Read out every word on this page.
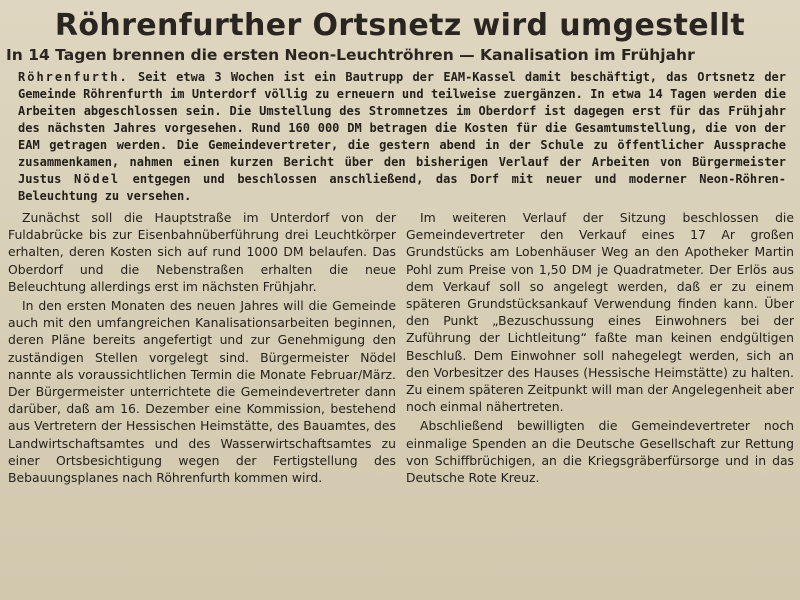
Röhrenfurther Ortsnetz wird umgestellt
In 14 Tagen brennen die ersten Neon-Leuchtröhren — Kanalisation im Frühjahr
Röhrenfurth. Seit etwa 3 Wochen ist ein Bautrupp der EAM-Kassel damit beschäftigt, das Ortsnetz der Gemeinde Röhrenfurth im Unterdorf völlig zu erneuern und teilweise zuergänzen. In etwa 14 Tagen werden die Arbeiten abgeschlossen sein. Die Umstellung des Stromnetzes im Oberdorf ist dagegen erst für das Frühjahr des nächsten Jahres vorgesehen. Rund 160 000 DM betragen die Kosten für die Gesamtumstellung, die von der EAM getragen werden. Die Gemeindevertreter, die gestern abend in der Schule zu öffentlicher Aussprache zusammenkamen, nahmen einen kurzen Bericht über den bisherigen Verlauf der Arbeiten von Bürgermeister Justus Nödel entgegen und beschlossen anschließend, das Dorf mit neuer und moderner Neon-Röhren-Beleuchtung zu versehen.

Zunächst soll die Hauptstraße im Unterdorf von der Fuldabrücke bis zur Eisenbahnüberführung drei Leuchtkörper erhalten, deren Kosten sich auf rund 1000 DM belaufen. Das Oberdorf und die Nebenstraßen erhalten die neue Beleuchtung allerdings erst im nächsten Frühjahr.

In den ersten Monaten des neuen Jahres will die Gemeinde auch mit den umfangreichen Kanalisationsarbeiten beginnen, deren Pläne bereits angefertigt und zur Genehmigung den zuständigen Stellen vorgelegt sind. Bürgermeister Nödel nannte als voraussichtlichen Termin die Monate Februar/März. Der Bürgermeister unterrichtete die Gemeindevertreter dann darüber, daß am 16. Dezember eine Kommission, bestehend aus Vertretern der Hessischen Heimstätte, des Bauamtes, des Landwirtschaftsamtes und des Wasserwirtschaftsamtes zu einer Ortsbesichtigung wegen der Fertigstellung des Bebauungsplanes nach Röhrenfurth kommen wird.

Im weiteren Verlauf der Sitzung beschlossen die Gemeindevertreter den Verkauf eines 17 Ar großen Grundstücks am Lobenhäuser Weg an den Apotheker Martin Pohl zum Preise von 1,50 DM je Quadratmeter. Der Erlös aus dem Verkauf soll so angelegt werden, daß er zu einem späteren Grundstücksankauf Verwendung finden kann. Über den Punkt „Bezuschussung eines Einwohners bei der Zuführung der Lichtleitung“ faßte man keinen endgültigen Beschluß. Dem Einwohner soll nahegelegt werden, sich an den Vorbesitzer des Hauses (Hessische Heimstätte) zu halten. Zu einem späteren Zeitpunkt will man der Angelegenheit aber noch einmal nähertreten.

Abschließend bewilligten die Gemeindevertreter noch einmalige Spenden an die Deutsche Gesellschaft zur Rettung von Schiffbrüchigen, an die Kriegsgräberfürsorge und in das Deutsche Rote Kreuz.
